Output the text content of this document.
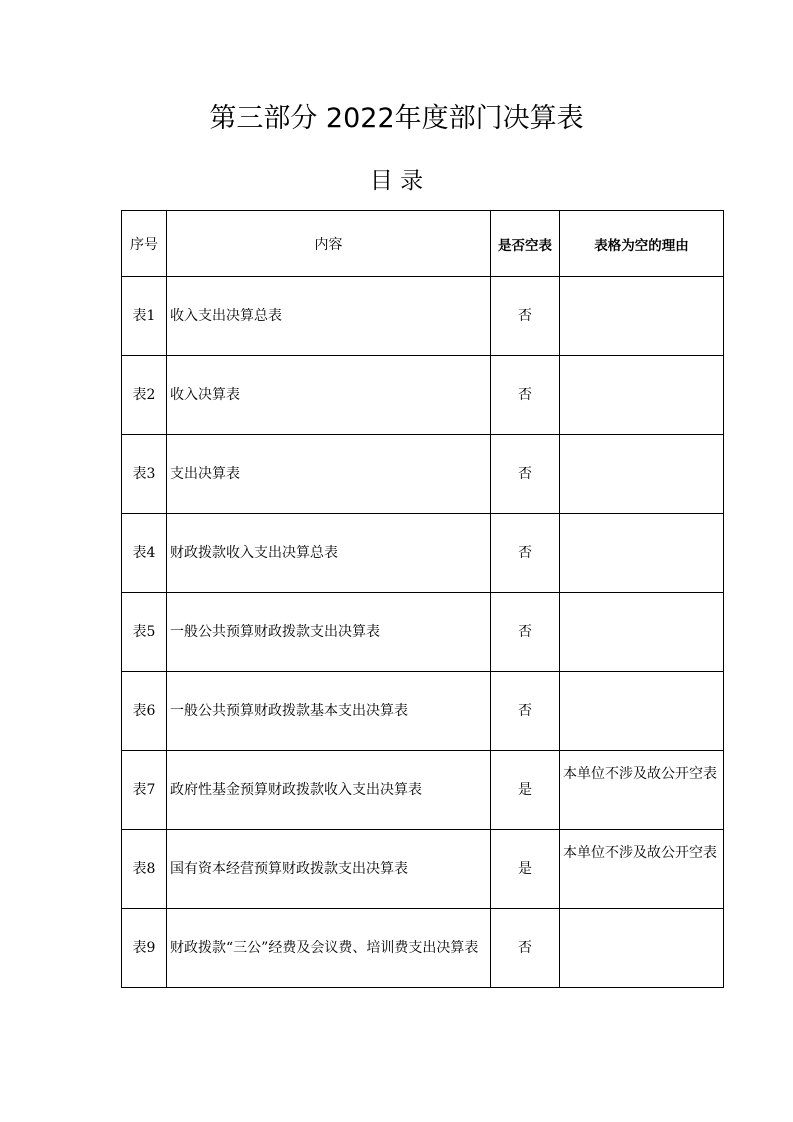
第三部分 2022年度部门决算表
目 录
序号	内容	是否空表	表格为空的理由
表1	收入支出决算总表	否	
表2	收入决算表	否	
表3	支出决算表	否	
表4	财政拨款收入支出决算总表	否	
表5	一般公共预算财政拨款支出决算表	否	
表6	一般公共预算财政拨款基本支出决算表	否	
表7	政府性基金预算财政拨款收入支出决算表	是	本单位不涉及故公开空表
表8	国有资本经营预算财政拨款支出决算表	是	本单位不涉及故公开空表
表9	财政拨款“三公”经费及会议费、培训费支出决算表	否	
